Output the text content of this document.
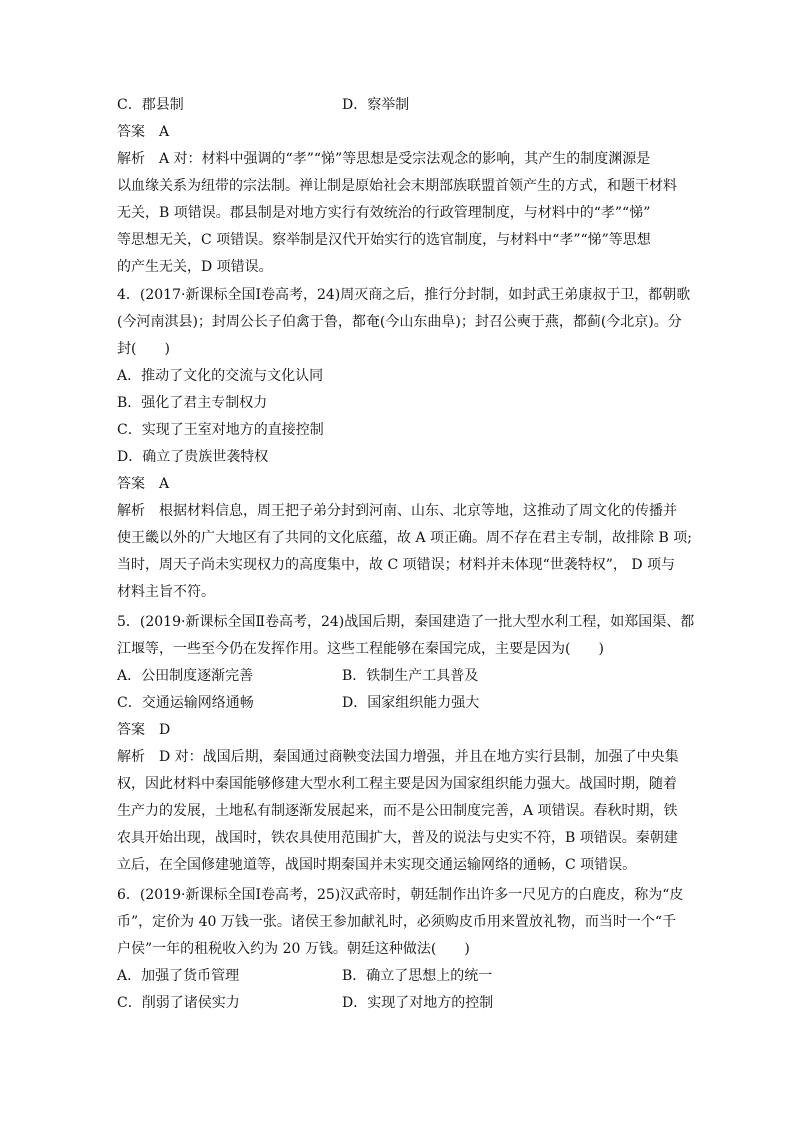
C．郡县制	D．察举制
答案　 A
解析　 A 对：材料中强调的“孝”“悌”等思想是受宗法观念的影响，其产生的制度渊源是
以血缘关系为纽带的宗法制。禅让制是原始社会末期部族联盟首领产生的方式，和题干材料
无关，B 项错误。郡县制是对地方实行有效统治的行政管理制度，与材料中的“孝”“悌”
等思想无关，C 项错误。察举制是汉代开始实行的选官制度，与材料中“孝”“悌”等思想
的产生无关，D 项错误。
4．(2017·新课标全国Ⅰ卷高考，24)周灭商之后，推行分封制，如封武王弟康叔于卫，都朝歌
(今河南淇县)；封周公长子伯禽于鲁，都奄(今山东曲阜)；封召公奭于燕，都蓟(今北京)。分
封(　　)
A．推动了文化的交流与文化认同
B．强化了君主专制权力
C．实现了王室对地方的直接控制
D．确立了贵族世袭特权
答案　 A
解析　 根据材料信息，周王把子弟分封到河南、山东、北京等地，这推动了周文化的传播并
使王畿以外的广大地区有了共同的文化底蕴，故 A 项正确。周不存在君主专制，故排除 B 项;
当时，周天子尚未实现权力的高度集中，故 C 项错误；材料并未体现“世袭特权”， D 项与
材料主旨不符。
5．(2019·新课标全国Ⅱ卷高考，24)战国后期，秦国建造了一批大型水利工程，如郑国渠、都
江堰等，一些至今仍在发挥作用。这些工程能够在秦国完成，主要是因为(　　)
A．公田制度逐渐完善	B．铁制生产工具普及
C．交通运输网络通畅	D．国家组织能力强大
答案　 D
解析　 D 对：战国后期，秦国通过商鞅变法国力增强，并且在地方实行县制，加强了中央集
权，因此材料中秦国能够修建大型水利工程主要是因为国家组织能力强大。战国时期，随着
生产力的发展，土地私有制逐渐发展起来，而不是公田制度完善，A 项错误。春秋时期，铁
农具开始出现，战国时，铁农具使用范围扩大，普及的说法与史实不符，B 项错误。秦朝建
立后，在全国修建驰道等，战国时期秦国并未实现交通运输网络的通畅，C 项错误。
6．(2019·新课标全国Ⅰ卷高考，25)汉武帝时，朝廷制作出许多一尺见方的白鹿皮，称为“皮
币”，定价为 40 万钱一张。诸侯王参加献礼时，必须购皮币用来置放礼物，而当时一个“千
户侯”一年的租税收入约为 20 万钱。朝廷这种做法(　　)
A．加强了货币管理	B．确立了思想上的统一
C．削弱了诸侯实力	D．实现了对地方的控制
